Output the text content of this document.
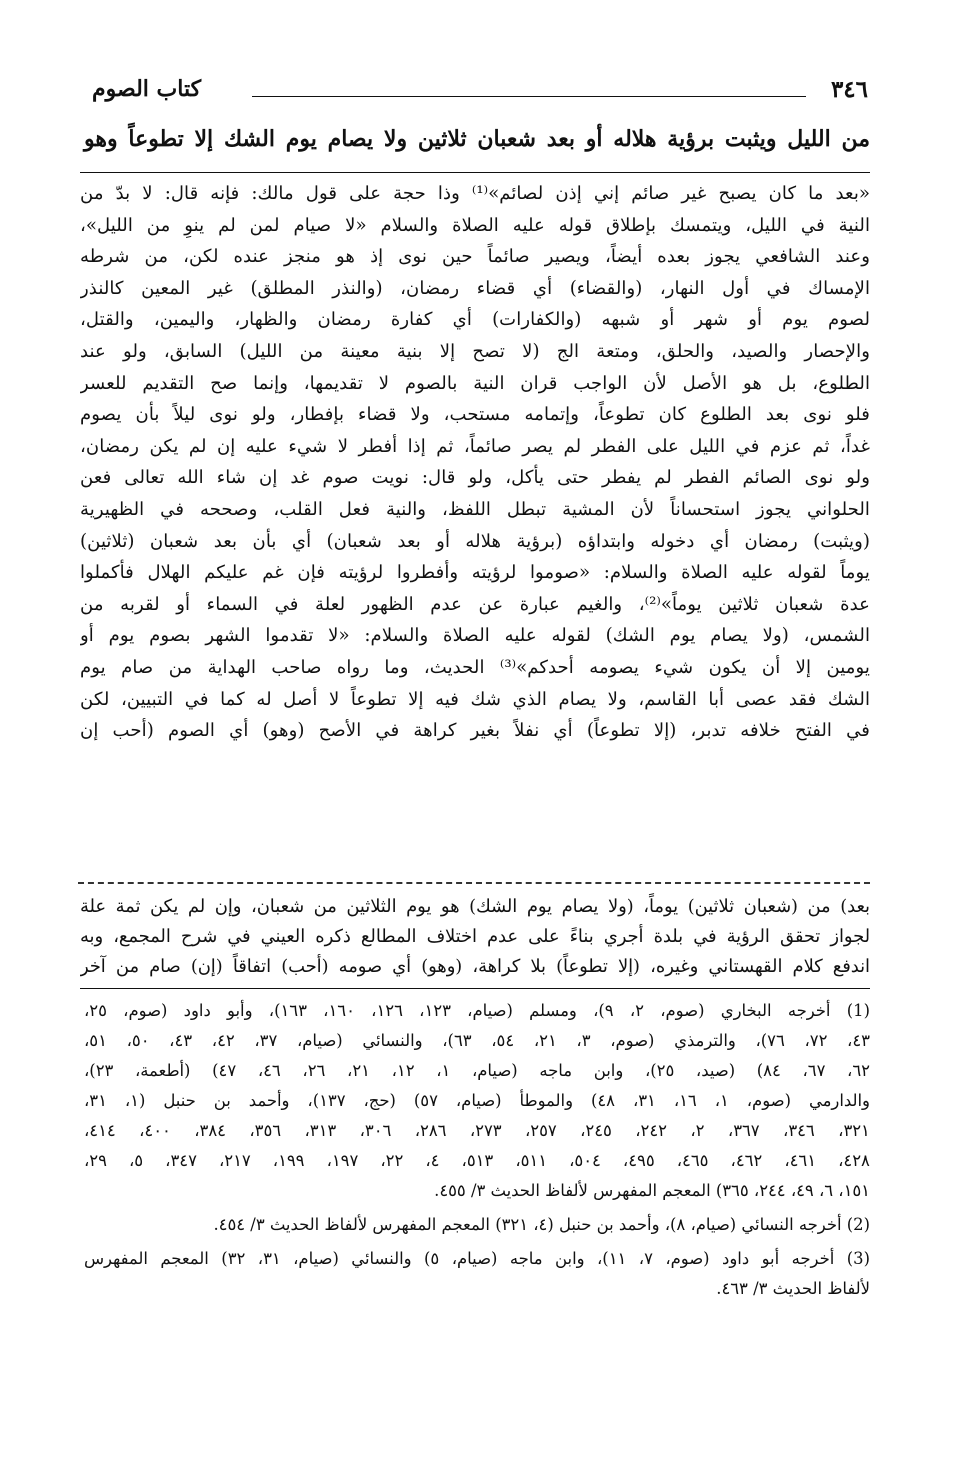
٣٤٦
كتاب الصوم
من الليل ويثبت برؤية هلاله أو بعد شعبان ثلاثين ولا يصام يوم الشك إلا تطوعاً وهو
«بعد ما كان يصبح غير صائم إني إذن لصائم»⁽¹⁾ وذا حجة على قول مالك: فإنه قال: لا بدّ من
النية في الليل، ويتمسك بإطلاق قوله عليه الصلاة والسلام «لا صيام لمن لم ينوِ من الليل»،
وعند الشافعي يجوز بعده أيضاً، ويصير صائماً حين نوى إذ هو منجز عنده لكن، من شرطه
الإمساك في أول النهار، (والقضاء) أي قضاء رمضان، (والنذر المطلق) غير المعين كالنذر
لصوم يوم أو شهر أو شبهه (والكفارات) أي كفارة رمضان والظهار، واليمين، والقتل،
والإحصار والصيد، والحلق، ومتعة الج (لا تصح إلا بنية معينة من الليل) السابق، ولو عند
الطلوع، بل هو الأصل لأن الواجب قران النية بالصوم لا تقديمها، وإنما صح التقديم للعسر
فلو نوى بعد الطلوع كان تطوعاً، وإتمامه مستحب، ولا قضاء بإفطار، ولو نوى ليلاً بأن يصوم
غداً، ثم عزم في الليل على الفطر لم يصر صائماً، ثم إذا أفطر لا شيء عليه إن لم يكن رمضان،
ولو نوى الصائم الفطر لم يفطر حتى يأكل، ولو قال: نويت صوم غد إن شاء الله تعالى فعن
الحلواني يجوز استحساناً لأن المشية تبطل اللفظ، والنية فعل القلب، وصححه في الظهيرية
(ويثبت) رمضان أي دخوله وابتداؤه (برؤية هلاله أو بعد شعبان) أي بأن بعد شعبان (ثلاثين)
يوماً لقوله عليه الصلاة والسلام: «صوموا لرؤيته وأفطروا لرؤيته فإن غم عليكم الهلال فأكملوا
عدة شعبان ثلاثين يوماً»⁽²⁾، والغيم عبارة عن عدم الظهور لعلة في السماء أو لقربه من
الشمس، (ولا يصام يوم الشك) لقوله عليه الصلاة والسلام: «لا تقدموا الشهر بصوم يوم أو
يومين إلا أن يكون شيء يصومه أحدكم»⁽³⁾ الحديث، وما رواه صاحب الهداية من صام يوم
الشك فقد عصى أبا القاسم، ولا يصام الذي شك فيه إلا تطوعاً لا أصل له كما في التبيين، لكن
في الفتح خلافه تدبر، (إلا تطوعاً) أي نفلاً بغير كراهة في الأصح (وهو) أي الصوم (أحب إن
بعد) من (شعبان ثلاثين) يوماً، (ولا يصام يوم الشك) هو يوم الثلاثين من شعبان، وإن لم يكن ثمة علة
لجواز تحقق الرؤية في بلدة أجري بناءً على عدم اختلاف المطالع ذكره العيني في شرح المجمع، وبه
اندفع كلام القهستاني وغيره، (إلا تطوعاً) بلا كراهة، (وهو) أي صومه (أحب) اتفاقاً (إن) صام من آخر
(1) أخرجه البخاري (صوم، ٢، ٩)، ومسلم (صيام، ١٢٣، ١٢٦، ١٦٠، ١٦٣)، وأبو داود (صوم، ٢٥،
٤٣، ٧٢، ٧٦)، والترمذي (صوم، ٣، ٢١، ٥٤، ٦٣)، والنسائي (صيام، ٣٧، ٤٢، ٤٣، ٥٠، ٥١،
٦٢، ٦٧، ٨٤) (صيد، ٢٥)، وابن ماجه (صيام، ١، ١٢، ٢١، ٢٦، ٤٦، ٤٧) (أطعمة، ٢٣)،
والدارمي (صوم، ١، ١٦، ٣١، ٤٨) والموطأ (صيام، ٥٧) (حج، ١٣٧)، وأحمد بن حنبل (١، ٣١،
٣٢١، ٣٤٦، ٣٦٧، ٢، ٢٤٢، ٢٤٥، ٢٥٧، ٢٧٣، ٢٨٦، ٣٠٦، ٣١٣، ٣٥٦، ٣٨٤، ٤٠٠، ٤١٤،
٤٢٨، ٤٦١، ٤٦٢، ٤٦٥، ٤٩٥، ٥٠٤، ٥١١، ٥١٣، ٤، ٢٢، ١٩٧، ١٩٩، ٢١٧، ٣٤٧، ٥، ٢٩،
١٥١، ٦، ٤٩، ٢٤٤، ٣٦٥) المعجم المفهرس لألفاظ الحديث ٣/ ٤٥٥.
(2) أخرجه النسائي (صيام، ٨)، وأحمد بن حنبل (٤، ٣٢١) المعجم المفهرس لألفاظ الحديث ٣/ ٤٥٤.
(3) أخرجه أبو داود (صوم، ٧، ١١)، وابن ماجه (صيام، ٥) والنسائي (صيام، ٣١، ٣٢) المعجم المفهرس
لألفاظ الحديث ٣/ ٤٦٣.
